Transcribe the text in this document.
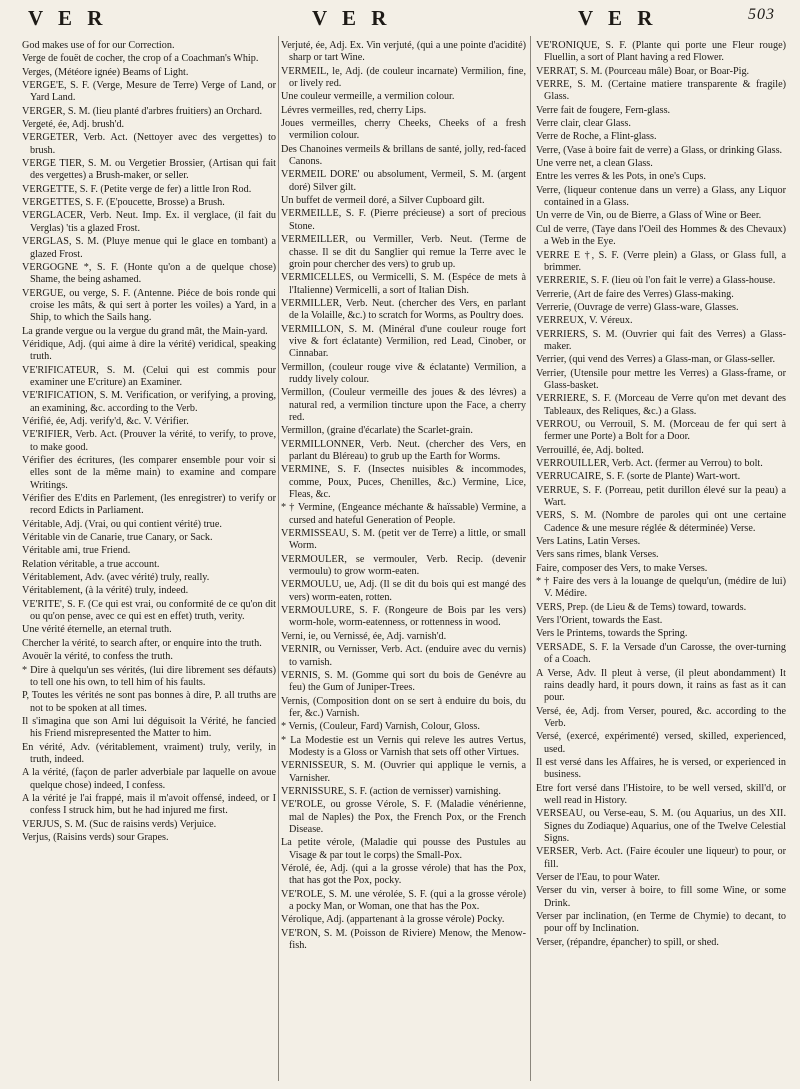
V E R	V E R	V E R	503

God makes use of for our Correction.

Verge de fouët de cocher, the crop of a Coachman's Whip.

Verges, (Météore ignée) Beams of Light.

VERGE'E, S. F. (Verge, Mesure de Terre) Verge of Land, or Yard Land.

VERGER, S. M. (lieu planté d'arbres fruitiers) an Orchard.

Vergeté, ée, Adj. brush'd.

VERGETER, Verb. Act. (Nettoyer avec des vergettes) to brush.

VERGE TIER, S. M. ou Vergetier Brossier, (Artisan qui fait des vergettes) a Brush-maker, or seller.

VERGETTE, S. F. (Petite verge de fer) a little Iron Rod.

VERGETTES, S. F. (E'poucette, Brosse) a Brush.

VERGLACER, Verb. Neut. Imp. Ex. il verglace, (il fait du Verglas) 'tis a glazed Frost.

VERGLAS, S. M. (Pluye menue qui le glace en tombant) a glazed Frost.

VERGOGNE *, S. F. (Honte qu'on a de quelque chose) Shame, the being ashamed.

VERGUE, ou verge, S. F. (Antenne. Piéce de bois ronde qui croise les mâts, & qui sert à porter les voiles) a Yard, in a Ship, to which the Sails hang.

La grande vergue ou la vergue du grand mât, the Main-yard.

Véridique, Adj. (qui aime à dire la vérité) veridical, speaking truth.

VE'RIFICATEUR, S. M. (Celui qui est commis pour examiner une E'criture) an Examiner.

VE'RIFICATION, S. M. Verification, or verifying, a proving, an examining, &c. according to the Verb.

Vérifié, ée, Adj. verify'd, &c. V. Vérifier.

VE'RIFIER, Verb. Act. (Prouver la vérité, to verify, to prove, to make good.

Vérifier des écritures, (les comparer ensemble pour voir si elles sont de la même main) to examine and compare Writings.

Vérifier des E'dits en Parlement, (les enregistrer) to verify or record Edicts in Parliament.

Véritable, Adj. (Vrai, ou qui contient vérité) true.

Véritable vin de Canarie, true Canary, or Sack.

Véritable ami, true Friend.

Relation véritable, a true account.

Véritablement, Adv. (avec vérité) truly, really.

Véritablement, (à la vérité) truly, indeed.

VE'RITE', S. F. (Ce qui est vrai, ou conformité de ce qu'on dit ou qu'on pense, avec ce qui est en effet) truth, verity.

Une vérité éternelle, an eternal truth.

Chercher la vérité, to search after, or enquire into the truth.

Avouër la vérité, to confess the truth.

* Dire à quelqu'un ses vérités, (lui dire librement ses défauts) to tell one his own, to tell him of his faults.

P, Toutes les vérités ne sont pas bonnes à dire, P. all truths are not to be spoken at all times.

Il s'imagina que son Ami lui déguisoit la Vérité, he fancied his Friend misrepresented the Matter to him.

En vérité, Adv. (véritablement, vraiment) truly, verily, in truth, indeed.

A la vérité, (façon de parler adverbiale par laquelle on avoue quelque chose) indeed, I confess.

A la vérité je l'ai frappé, mais il m'avoit offensé, indeed, or I confess I struck him, but he had injured me first.

VERJUS, S. M. (Suc de raisins verds) Verjuice.

Verjus, (Raisins verds) sour Grapes.

Verjuté, ée, Adj. Ex. Vin verjuté, (qui a une pointe d'acidité) sharp or tart Wine.

VERMEIL, le, Adj. (de couleur incarnate) Vermilion, fine, or lively red.

Une couleur vermeille, a vermilion colour.

Lévres vermeilles, red, cherry Lips.

Joues vermeilles, cherry Cheeks, Cheeks of a fresh vermilion colour.

Des Chanoines vermeils & brillans de santé, jolly, red-faced Canons.

VERMEIL DORE' ou absolument, Vermeil, S. M. (argent doré) Silver gilt.

Un buffet de vermeil doré, a Silver Cupboard gilt.

VERMEILLE, S. F. (Pierre précieuse) a sort of precious Stone.

VERMEILLER, ou Vermiller, Verb. Neut. (Terme de chasse. Il se dit du Sanglier qui remue la Terre avec le groin pour chercher des vers) to grub up.

VERMICELLES, ou Vermicelli, S. M. (Espéce de mets à l'Italienne) Vermicelli, a sort of Italian Dish.

VERMILLER, Verb. Neut. (chercher des Vers, en parlant de la Volaille, &c.) to scratch for Worms, as Poultry does.

VERMILLON, S. M. (Minéral d'une couleur rouge fort vive & fort éclatante) Vermilion, red Lead, Cinober, or Cinnabar.

Vermillon, (couleur rouge vive & éclatante) Vermilion, a ruddy lively colour.

Vermillon, (Couleur vermeille des joues & des lévres) a natural red, a vermilion tincture upon the Face, a cherry red.

Vermillon, (graine d'écarlate) the Scarlet-grain.

VERMILLONNER, Verb. Neut. (chercher des Vers, en parlant du Bléreau) to grub up the Earth for Worms.

VERMINE, S. F. (Insectes nuisibles & incommodes, comme, Poux, Puces, Chenilles, &c.) Vermine, Lice, Fleas, &c.

* † Vermine, (Engeance méchante & haïssable) Vermine, a cursed and hateful Generation of People.

VERMISSEAU, S. M. (petit ver de Terre) a little, or small Worm.

VERMOULER, se vermouler, Verb. Recip. (devenir vermoulu) to grow worm-eaten.

VERMOULU, ue, Adj. (Il se dit du bois qui est mangé des vers) worm-eaten, rotten.

VERMOULURE, S. F. (Rongeure de Bois par les vers) worm-hole, worm-eatenness, or rottenness in wood.

Verni, ie, ou Vernissé, ée, Adj. varnish'd.

VERNIR, ou Vernisser, Verb. Act. (enduire avec du vernis) to varnish.

VERNIS, S. M. (Gomme qui sort du bois de Genévre au feu) the Gum of Juniper-Trees.

Vernis, (Composition dont on se sert à enduire du bois, du fer, &c.) Varnish.

* Vernis, (Couleur, Fard) Varnish, Colour, Gloss.

* La Modestie est un Vernis qui releve les autres Vertus, Modesty is a Gloss or Varnish that sets off other Virtues.

VERNISSEUR, S. M. (Ouvrier qui applique le vernis, a Varnisher.

VERNISSURE, S. F. (action de vernisser) varnishing.

VE'ROLE, ou grosse Vérole, S. F. (Maladie vénérienne, mal de Naples) the Pox, the French Pox, or the French Disease.

La petite vérole, (Maladie qui pousse des Pustules au Visage & par tout le corps) the Small-Pox.

Vérolé, ée, Adj. (qui a la grosse vérole) that has the Pox, that has got the Pox, pocky.

VE'ROLE, S. M. une vérolée, S. F. (qui a la grosse vérole) a pocky Man, or Woman, one that has the Pox.

Vérolique, Adj. (appartenant à la grosse vérole) Pocky.

VE'RON, S. M. (Poisson de Riviere) Menow, the Menow-fish.

VE'RONIQUE, S. F. (Plante qui porte une Fleur rouge) Fluellin, a sort of Plant having a red Flower.

VERRAT, S. M. (Pourceau mâle) Boar, or Boar-Pig.

VERRE, S. M. (Certaine matiere transparente & fragile) Glass.

Verre fait de fougere, Fern-glass.

Verre clair, clear Glass.

Verre de Roche, a Flint-glass.

Verre, (Vase à boire fait de verre) a Glass, or drinking Glass.

Une verre net, a clean Glass.

Entre les verres & les Pots, in one's Cups.

Verre, (liqueur contenue dans un verre) a Glass, any Liquor contained in a Glass.

Un verre de Vin, ou de Bierre, a Glass of Wine or Beer.

Cul de verre, (Taye dans l'Oeil des Hommes & des Chevaux) a Web in the Eye.

VERRE E †, S. F. (Verre plein) a Glass, or Glass full, a brimmer.

VERRERIE, S. F. (lieu où l'on fait le verre) a Glass-house.

Verrerie, (Art de faire des Verres) Glass-making.

Verrerie, (Ouvrage de verre) Glass-ware, Glasses.

VERREUX, V. Véreux.

VERRIERS, S. M. (Ouvrier qui fait des Verres) a Glass-maker.

Verrier, (qui vend des Verres) a Glass-man, or Glass-seller.

Verrier, (Utensile pour mettre les Verres) a Glass-frame, or Glass-basket.

VERRIERE, S. F. (Morceau de Verre qu'on met devant des Tableaux, des Reliques, &c.) a Glass.

VERROU, ou Verrouil, S. M. (Morceau de fer qui sert à fermer une Porte) a Bolt for a Door.

Verrouillé, ée, Adj. bolted.

VERROUILLER, Verb. Act. (fermer au Verrou) to bolt.

VERRUCAIRE, S. F. (sorte de Plante) Wart-wort.

VERRUE, S. F. (Porreau, petit durillon élevé sur la peau) a Wart.

VERS, S. M. (Nombre de paroles qui ont une certaine Cadence & une mesure réglée & déterminée) Verse.

Vers Latins, Latin Verses.

Vers sans rimes, blank Verses.

Faire, composer des Vers, to make Verses.

* † Faire des vers à la louange de quelqu'un, (médire de lui) V. Médire.

VERS, Prep. (de Lieu & de Tems) toward, towards.

Vers l'Orient, towards the East.

Vers le Printems, towards the Spring.

VERSADE, S. F. la Versade d'un Carosse, the over-turning of a Coach.

A Verse, Adv. Il pleut à verse, (il pleut abondamment) It rains deadly hard, it pours down, it rains as fast as it can pour.

Versé, ée, Adj. from Verser, poured, &c. according to the Verb.

Versé, (exercé, expérimenté) versed, skilled, experienced, used.

Il est versé dans les Affaires, he is versed, or experienced in business.

Etre fort versé dans l'Histoire, to be well versed, skill'd, or well read in History.

VERSEAU, ou Verse-eau, S. M. (ou Aquarius, un des XII. Signes du Zodiaque) Aquarius, one of the Twelve Celestial Signs.

VERSER, Verb. Act. (Faire écouler une liqueur) to pour, or fill.

Verser de l'Eau, to pour Water.

Verser du vin, verser à boire, to fill some Wine, or some Drink.

Verser par inclination, (en Terme de Chymie) to decant, to pour off by Inclination.

Verser, (répandre, épancher) to spill, or shed.
